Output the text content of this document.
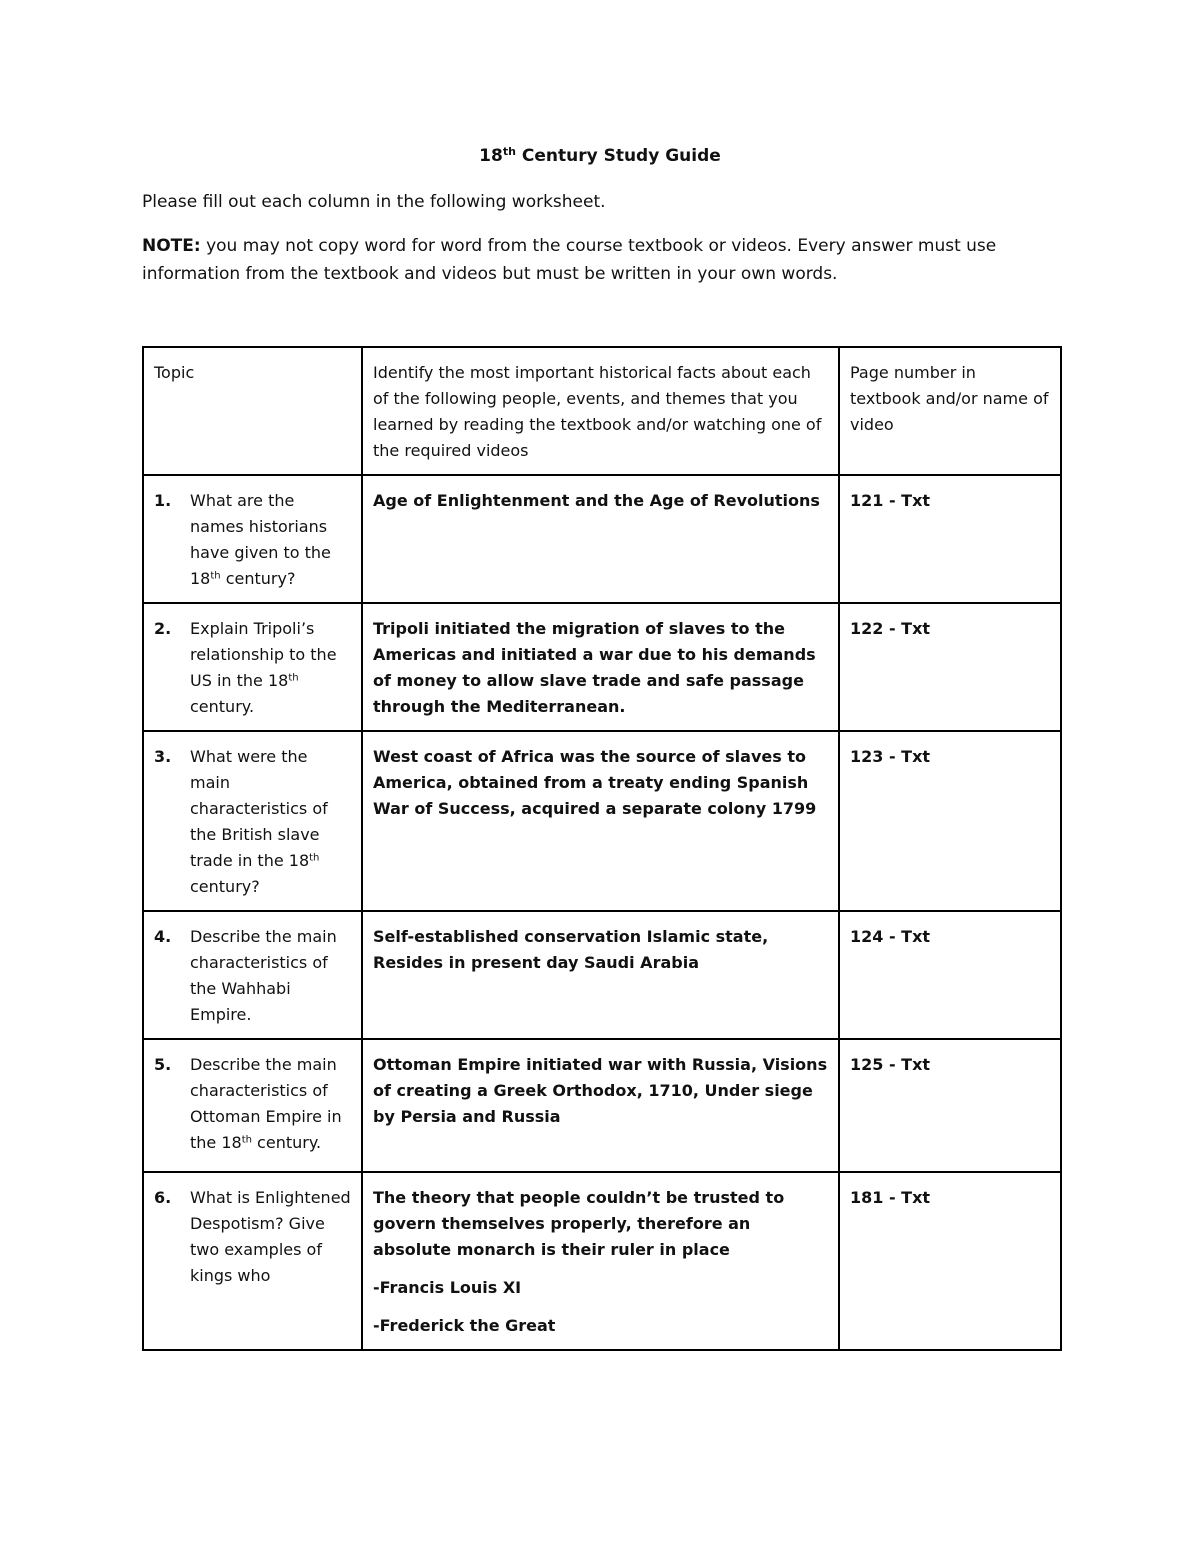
18th Century Study Guide
Please fill out each column in the following worksheet.
NOTE: you may not copy word for word from the course textbook or videos. Every answer must use information from the textbook and videos but must be written in your own words.
Topic	Identify the most important historical facts about each of the following people, events, and themes that you learned by reading the textbook and/or watching one of the required videos	Page number in textbook and/or name of video

1. What are the names historians have given to the 18th century?	Age of Enlightenment and the Age of Revolutions	121 - Txt

2. Explain Tripoli’s relationship to the US in the 18th century.	Tripoli initiated the migration of slaves to the Americas and initiated a war due to his demands of money to allow slave trade and safe passage through the Mediterranean.	122 - Txt

3. What were the main characteristics of the British slave trade in the 18th century?	West coast of Africa was the source of slaves to America, obtained from a treaty ending Spanish War of Success, acquired a separate colony 1799	123 - Txt

4. Describe the main characteristics of the Wahhabi Empire.	Self-established conservation Islamic state, Resides in present day Saudi Arabia	124 - Txt

5. Describe the main characteristics of Ottoman Empire in the 18th century.	Ottoman Empire initiated war with Russia, Visions of creating a Greek Orthodox, 1710, Under siege by Persia and Russia	125 - Txt

6. What is Enlightened Despotism? Give two examples of kings who	The theory that people couldn’t be trusted to govern themselves properly, therefore an absolute monarch is their ruler in place
-Francis Louis XI
-Frederick the Great	181 - Txt
